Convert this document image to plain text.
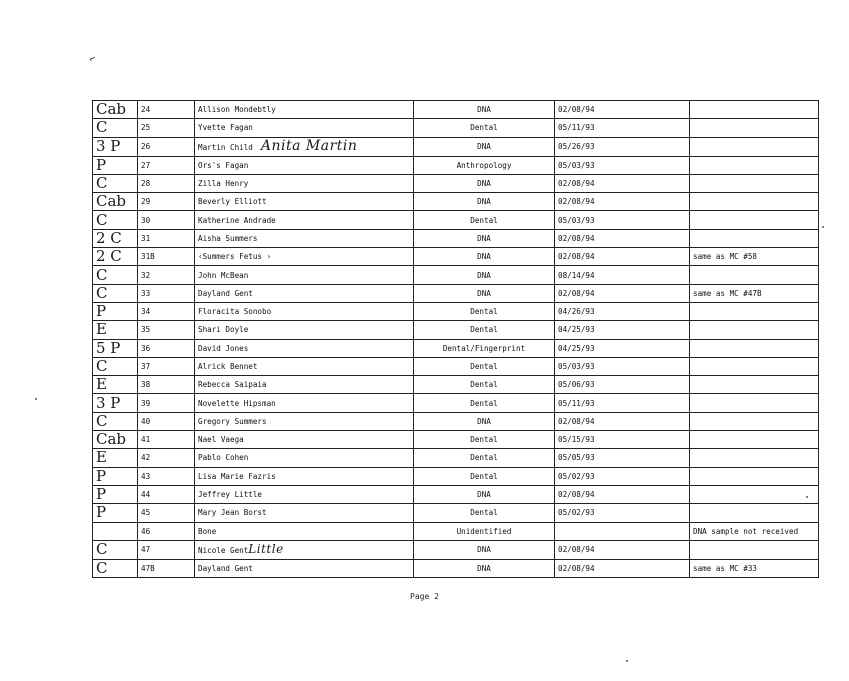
⌐
Cab	24	Allison Mondebtly	DNA	02/08/94	
C	25	Yvette Fagan	Dental	05/11/93	
3 P	26	Martin Child Anita Martin	DNA	05/26/93	
P	27	Ors's Fagan	Anthropology	05/03/93	
C	28	Zilla Henry	DNA	02/08/94	
Cab	29	Beverly Elliott	DNA	02/08/94	
C	30	Katherine Andrade	Dental	05/03/93	
2 C	31	Aisha Summers	DNA	02/08/94	
2 C	31B	‹Summers Fetus ›	DNA	02/08/94	same as MC #58
C	32	John McBean	DNA	08/14/94	
C	33	Dayland Gent	DNA	02/08/94	same as MC #47B
P	34	Floracita Sonobo	Dental	04/26/93	
E	35	Shari Doyle	Dental	04/25/93	
5 P	36	David Jones	Dental/Fingerprint	04/25/93	
C	37	Alrick Bennet	Dental	05/03/93	
E	38	Rebecca Saipaia	Dental	05/06/93	
3 P	39	Novelette Hipsman	Dental	05/11/93	
C	40	Gregory Summers	DNA	02/08/94	
Cab	41	Nael Vaega	Dental	05/15/93	
E	42	Pablo Cohen	Dental	05/05/93	
P	43	Lisa Marie Fazris	Dental	05/02/93	
P	44	Jeffrey Little	DNA	02/08/94	
P	45	Mary Jean Borst	Dental	05/02/93	
	46	Bone	Unidentified		DNA sample not received
C	47	Nicole GentLittle	DNA	02/08/94	
C	47B	Dayland Gent	DNA	02/08/94	same as MC #33
Page 2
